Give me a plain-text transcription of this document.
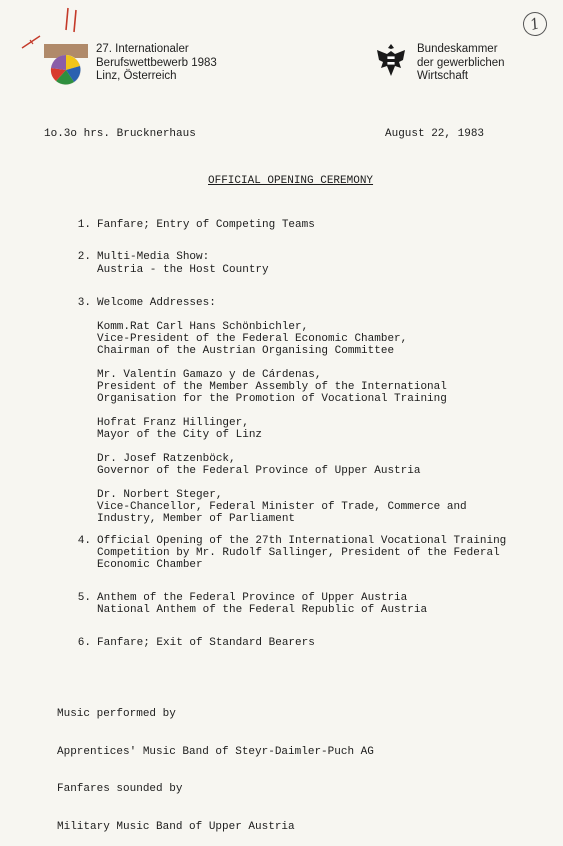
1
27. Internationaler
Berufswettbewerb 1983
Linz, Österreich
Bundeskammer
der gewerblichen
Wirtschaft
1o.3o hrs. Brucknerhaus	August 22, 1983
OFFICIAL OPENING CEREMONY

1.

Fanfare; Entry of Competing Teams

2.

Multi-Media Show:

Austria - the Host Country

3.

Welcome Addresses:

Komm.Rat Carl Hans Schönbichler,

Vice-President of the Federal Economic Chamber,

Chairman of the Austrian Organising Committee

Mr. Valentín Gamazo y de Cárdenas,

President of the Member Assembly of the International

Organisation for the Promotion of Vocational Training

Hofrat Franz Hillinger,

Mayor of the City of Linz

Dr. Josef Ratzenböck,

Governor of the Federal Province of Upper Austria

Dr. Norbert Steger,

Vice-Chancellor, Federal Minister of Trade, Commerce and

Industry, Member of Parliament

4.

Official Opening of the 27th International Vocational Training

Competition by Mr. Rudolf Sallinger, President of the Federal

Economic Chamber

5.

Anthem of the Federal Province of Upper Austria

National Anthem of the Federal Republic of Austria

6.

Fanfare; Exit of Standard Bearers

Music performed by

Apprentices' Music Band of Steyr-Daimler-Puch AG

Fanfares sounded by

Military Music Band of Upper Austria
